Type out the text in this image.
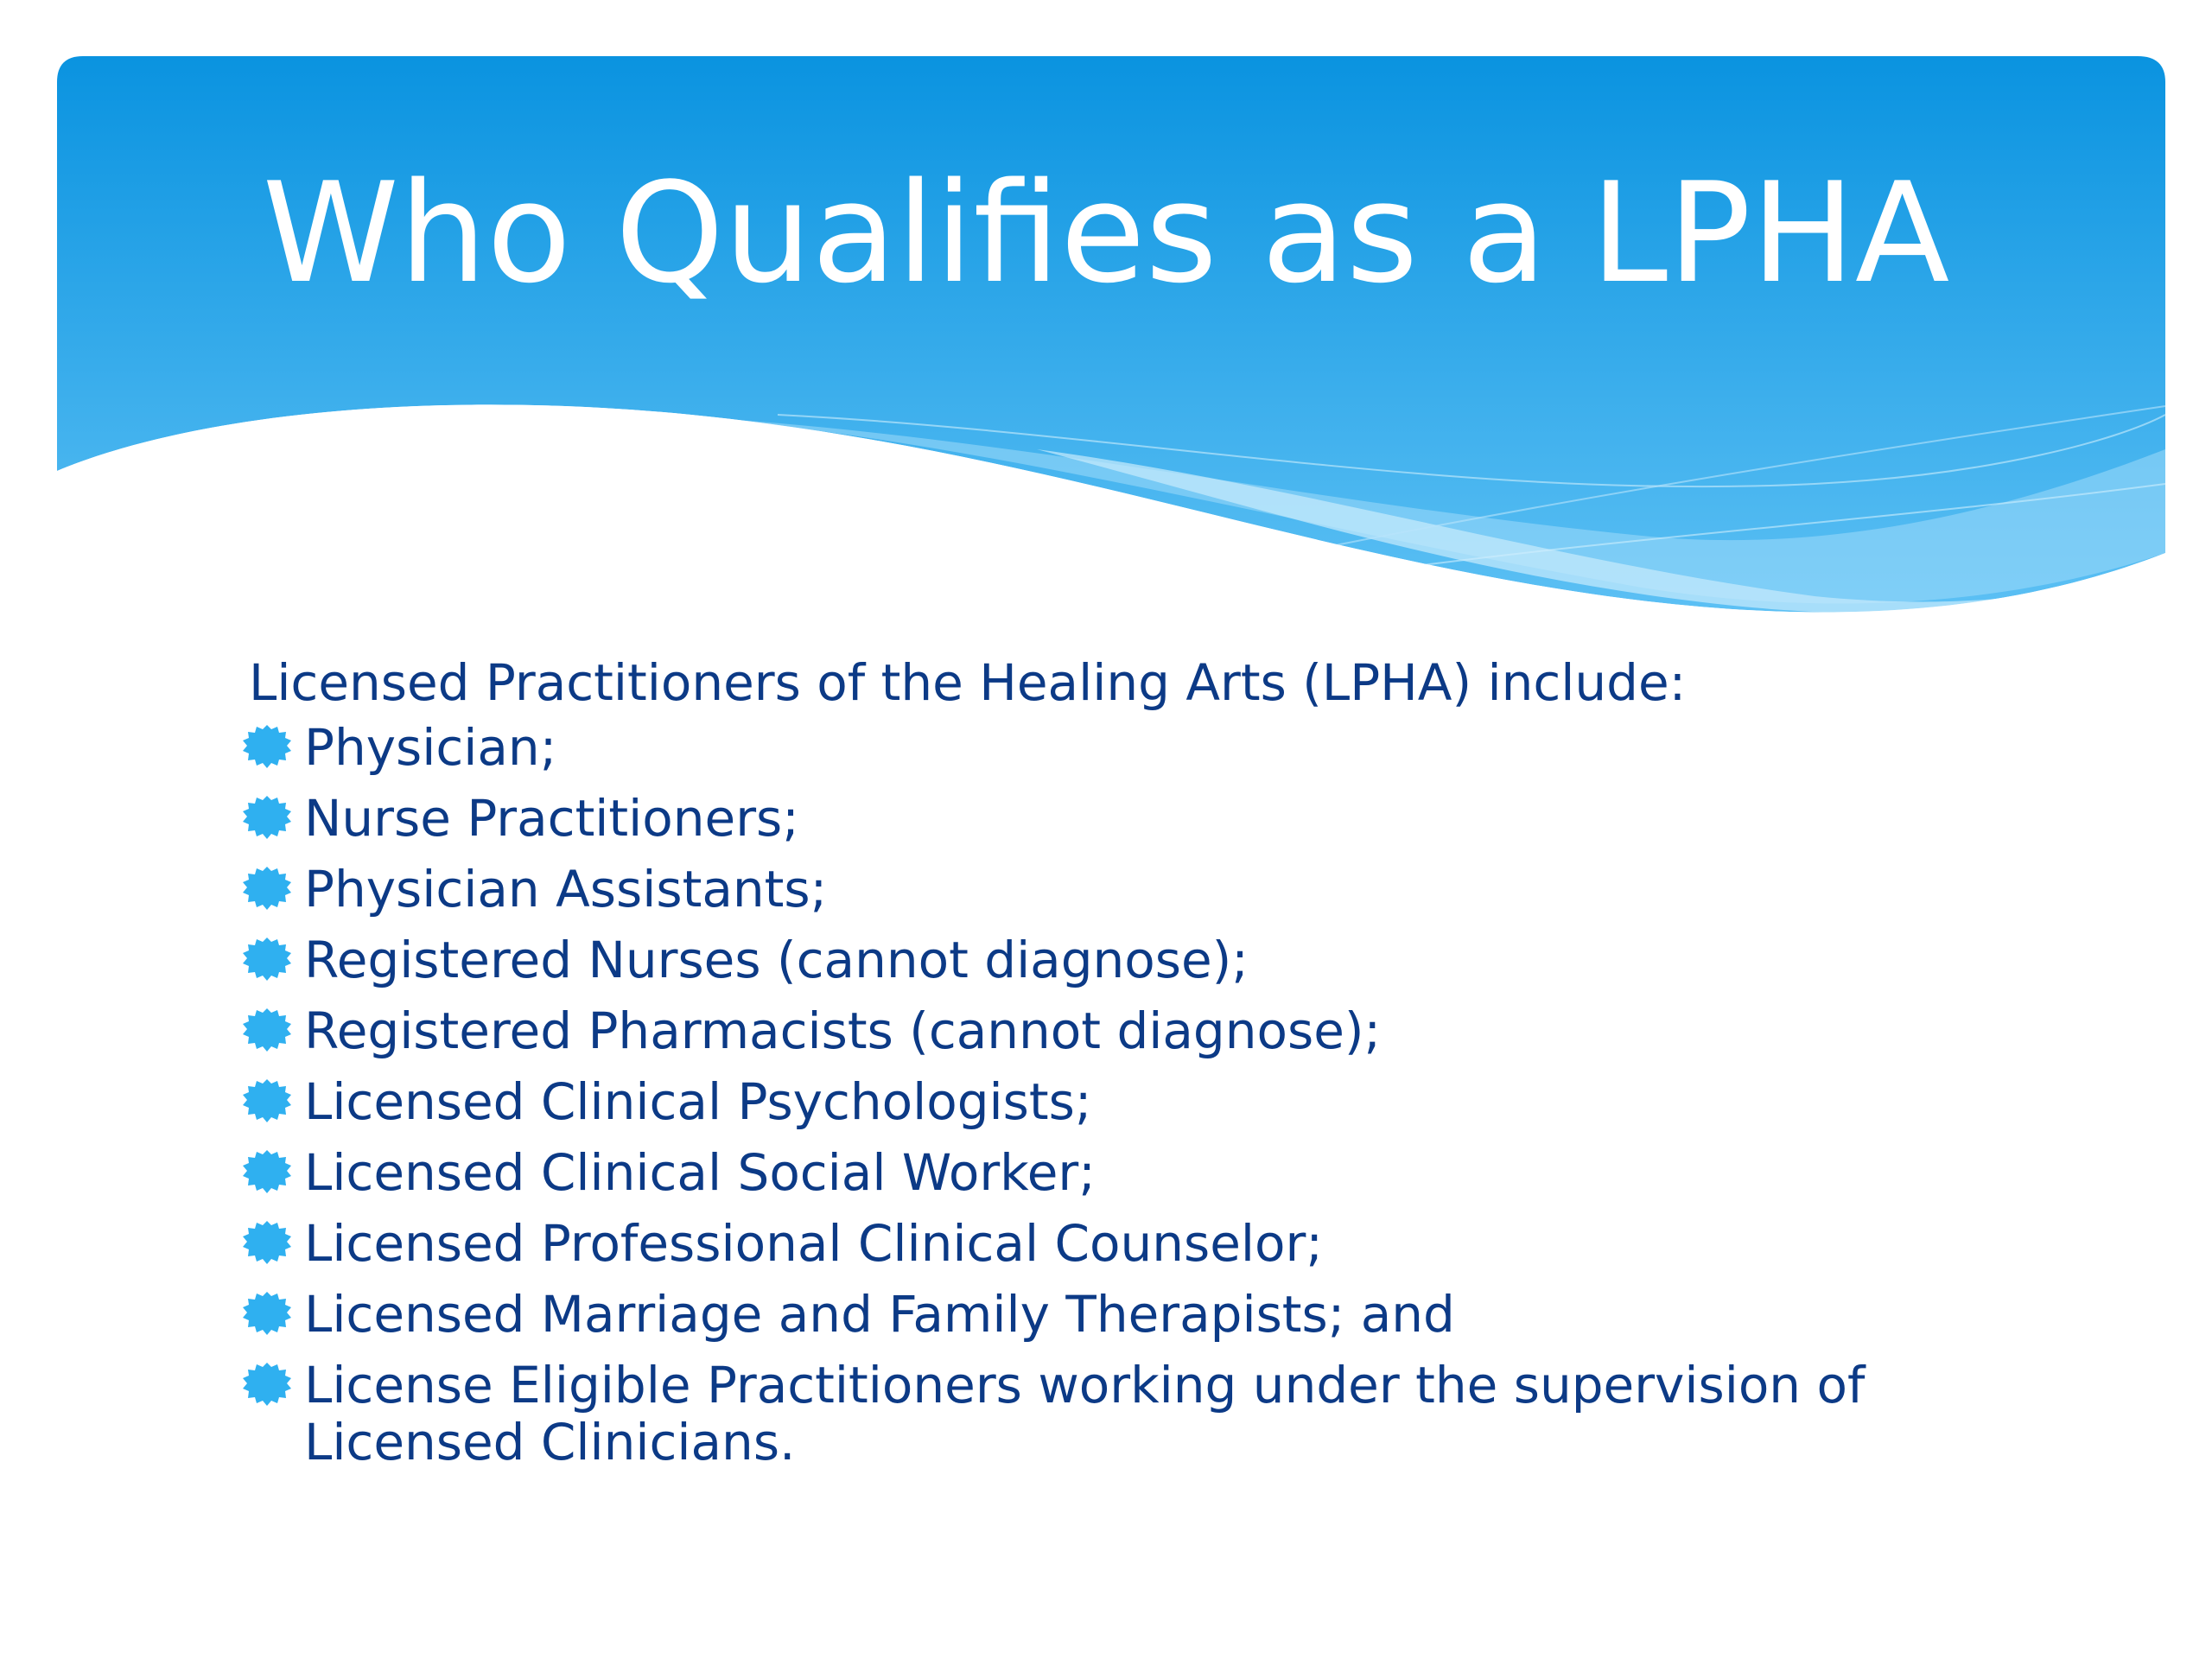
Who Qualifies as a LPHA

Licensed Practitioners of the Healing Arts (LPHA) include:

Physician;
Nurse Practitioners;
Physician Assistants;
Registered Nurses (cannot diagnose);
Registered Pharmacists (cannot diagnose);
Licensed Clinical Psychologists;
Licensed Clinical Social Worker;
Licensed Professional Clinical Counselor;
Licensed Marriage and Family Therapists; and
License Eligible Practitioners working under the supervision of Licensed Clinicians.
